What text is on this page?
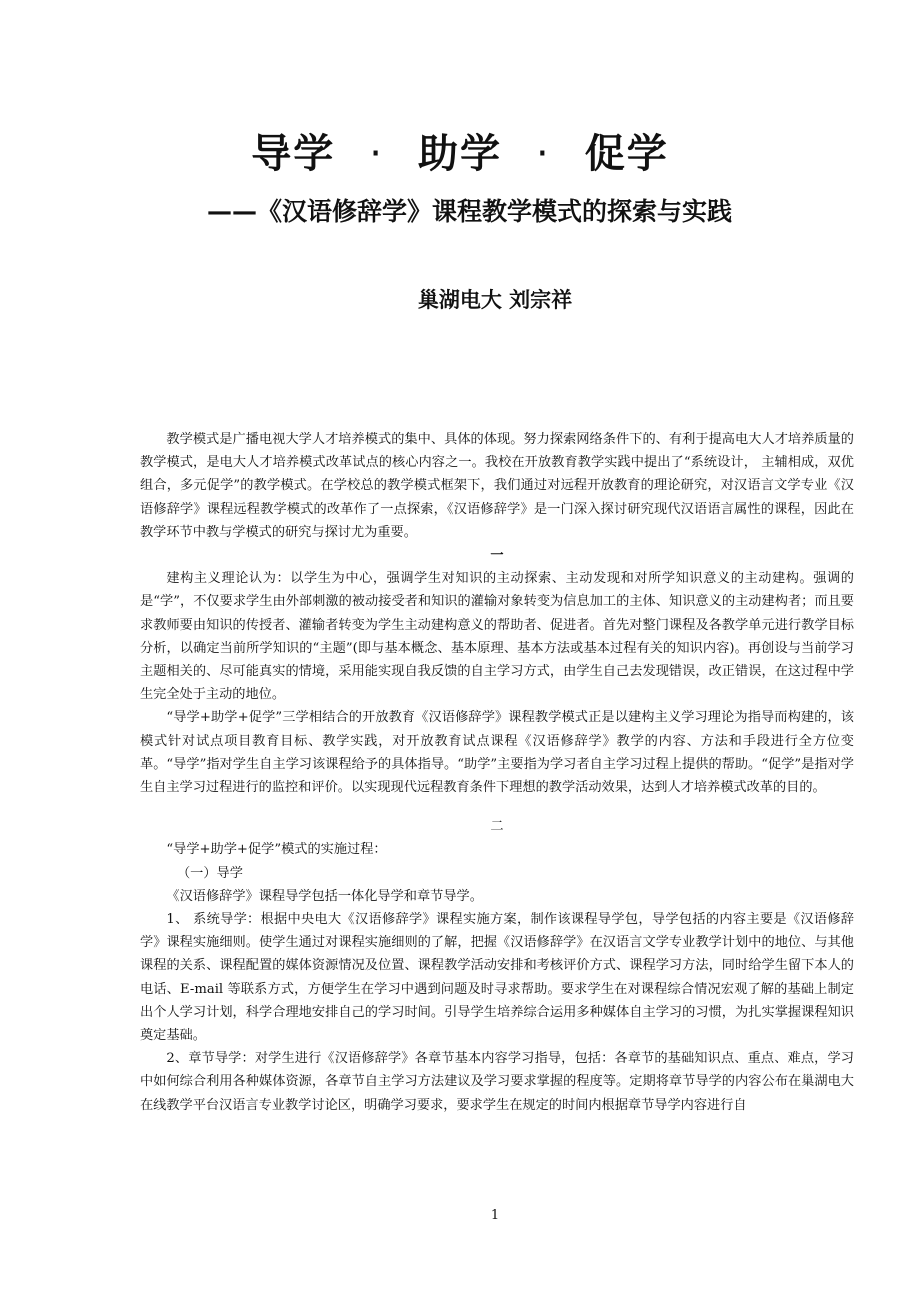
导学 · 助学 · 促学
——《汉语修辞学》课程教学模式的探索与实践
巢湖电大 刘宗祥

教学模式是广播电视大学人才培养模式的集中、具体的体现。努力探索网络条件下的、有利于提高电大人才培养质量的教学模式，是电大人才培养模式改革试点的核心内容之一。我校在开放教育教学实践中提出了“系统设计， 主辅相成，双优组合，多元促学”的教学模式。在学校总的教学模式框架下，我们通过对远程开放教育的理论研究，对汉语言文学专业《汉语修辞学》课程远程教学模式的改革作了一点探索，《汉语修辞学》是一门深入探讨研究现代汉语语言属性的课程，因此在教学环节中教与学模式的研究与探讨尤为重要。

一

建构主义理论认为：以学生为中心，强调学生对知识的主动探索、主动发现和对所学知识意义的主动建构。强调的是“学”，不仅要求学生由外部刺激的被动接受者和知识的灌输对象转变为信息加工的主体、知识意义的主动建构者；而且要求教师要由知识的传授者、灌输者转变为学生主动建构意义的帮助者、促进者。首先对整门课程及各教学单元进行教学目标分析，以确定当前所学知识的“主题”(即与基本概念、基本原理、基本方法或基本过程有关的知识内容)。再创设与当前学习主题相关的、尽可能真实的情境，采用能实现自我反馈的自主学习方式，由学生自己去发现错误，改正错误，在这过程中学生完全处于主动的地位。

“导学+助学+促学”三学相结合的开放教育《汉语修辞学》课程教学模式正是以建构主义学习理论为指导而构建的，该模式针对试点项目教育目标、教学实践，对开放教育试点课程《汉语修辞学》教学的内容、方法和手段进行全方位变革。“导学”指对学生自主学习该课程给予的具体指导。“助学”主要指为学习者自主学习过程上提供的帮助。“促学”是指对学生自主学习过程进行的监控和评价。以实现现代远程教育条件下理想的教学活动效果，达到人才培养模式改革的目的。

二

“导学+助学+促学”模式的实施过程：

（一）导学

《汉语修辞学》课程导学包括一体化导学和章节导学。

1、 系统导学：根据中央电大《汉语修辞学》课程实施方案，制作该课程导学包，导学包括的内容主要是《汉语修辞学》课程实施细则。使学生通过对课程实施细则的了解，把握《汉语修辞学》在汉语言文学专业教学计划中的地位、与其他课程的关系、课程配置的媒体资源情况及位置、课程教学活动安排和考核评价方式、课程学习方法，同时给学生留下本人的电话、E-mail 等联系方式，方便学生在学习中遇到问题及时寻求帮助。要求学生在对课程综合情况宏观了解的基础上制定出个人学习计划，科学合理地安排自己的学习时间。引导学生培养综合运用多种媒体自主学习的习惯，为扎实掌握课程知识奠定基础。

2、章节导学：对学生进行《汉语修辞学》各章节基本内容学习指导，包括：各章节的基础知识点、重点、难点，学习中如何综合利用各种媒体资源，各章节自主学习方法建议及学习要求掌握的程度等。定期将章节导学的内容公布在巢湖电大在线教学平台汉语言专业教学讨论区，明确学习要求，要求学生在规定的时间内根据章节导学内容进行自

1
